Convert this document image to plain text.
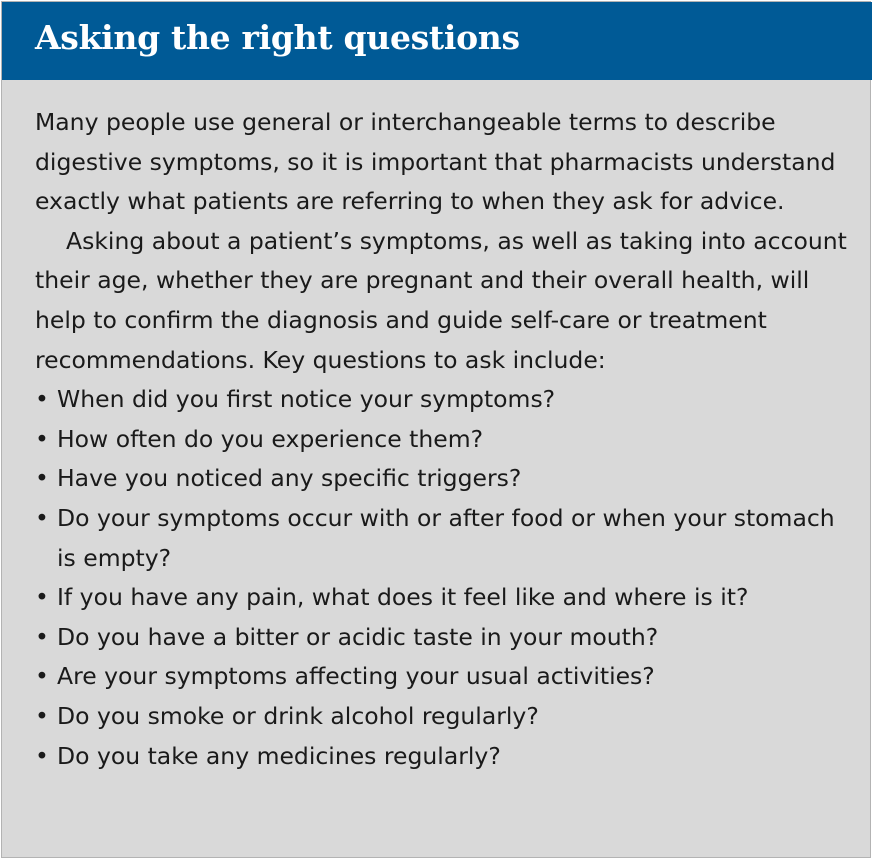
Asking the right questions

Many people use general or interchangeable terms to describe digestive symptoms, so it is important that pharmacists understand exactly what patients are referring to when they ask for advice.

Asking about a patient’s symptoms, as well as taking into account their age, whether they are pregnant and their overall health, will help to confirm the diagnosis and guide self-care or treatment recommendations. Key questions to ask include:

• When did you first notice your symptoms?
• How often do you experience them?
• Have you noticed any specific triggers?
• Do your symptoms occur with or after food or when your stomach is empty?
• If you have any pain, what does it feel like and where is it?
• Do you have a bitter or acidic taste in your mouth?
• Are your symptoms affecting your usual activities?
• Do you smoke or drink alcohol regularly?
• Do you take any medicines regularly?
